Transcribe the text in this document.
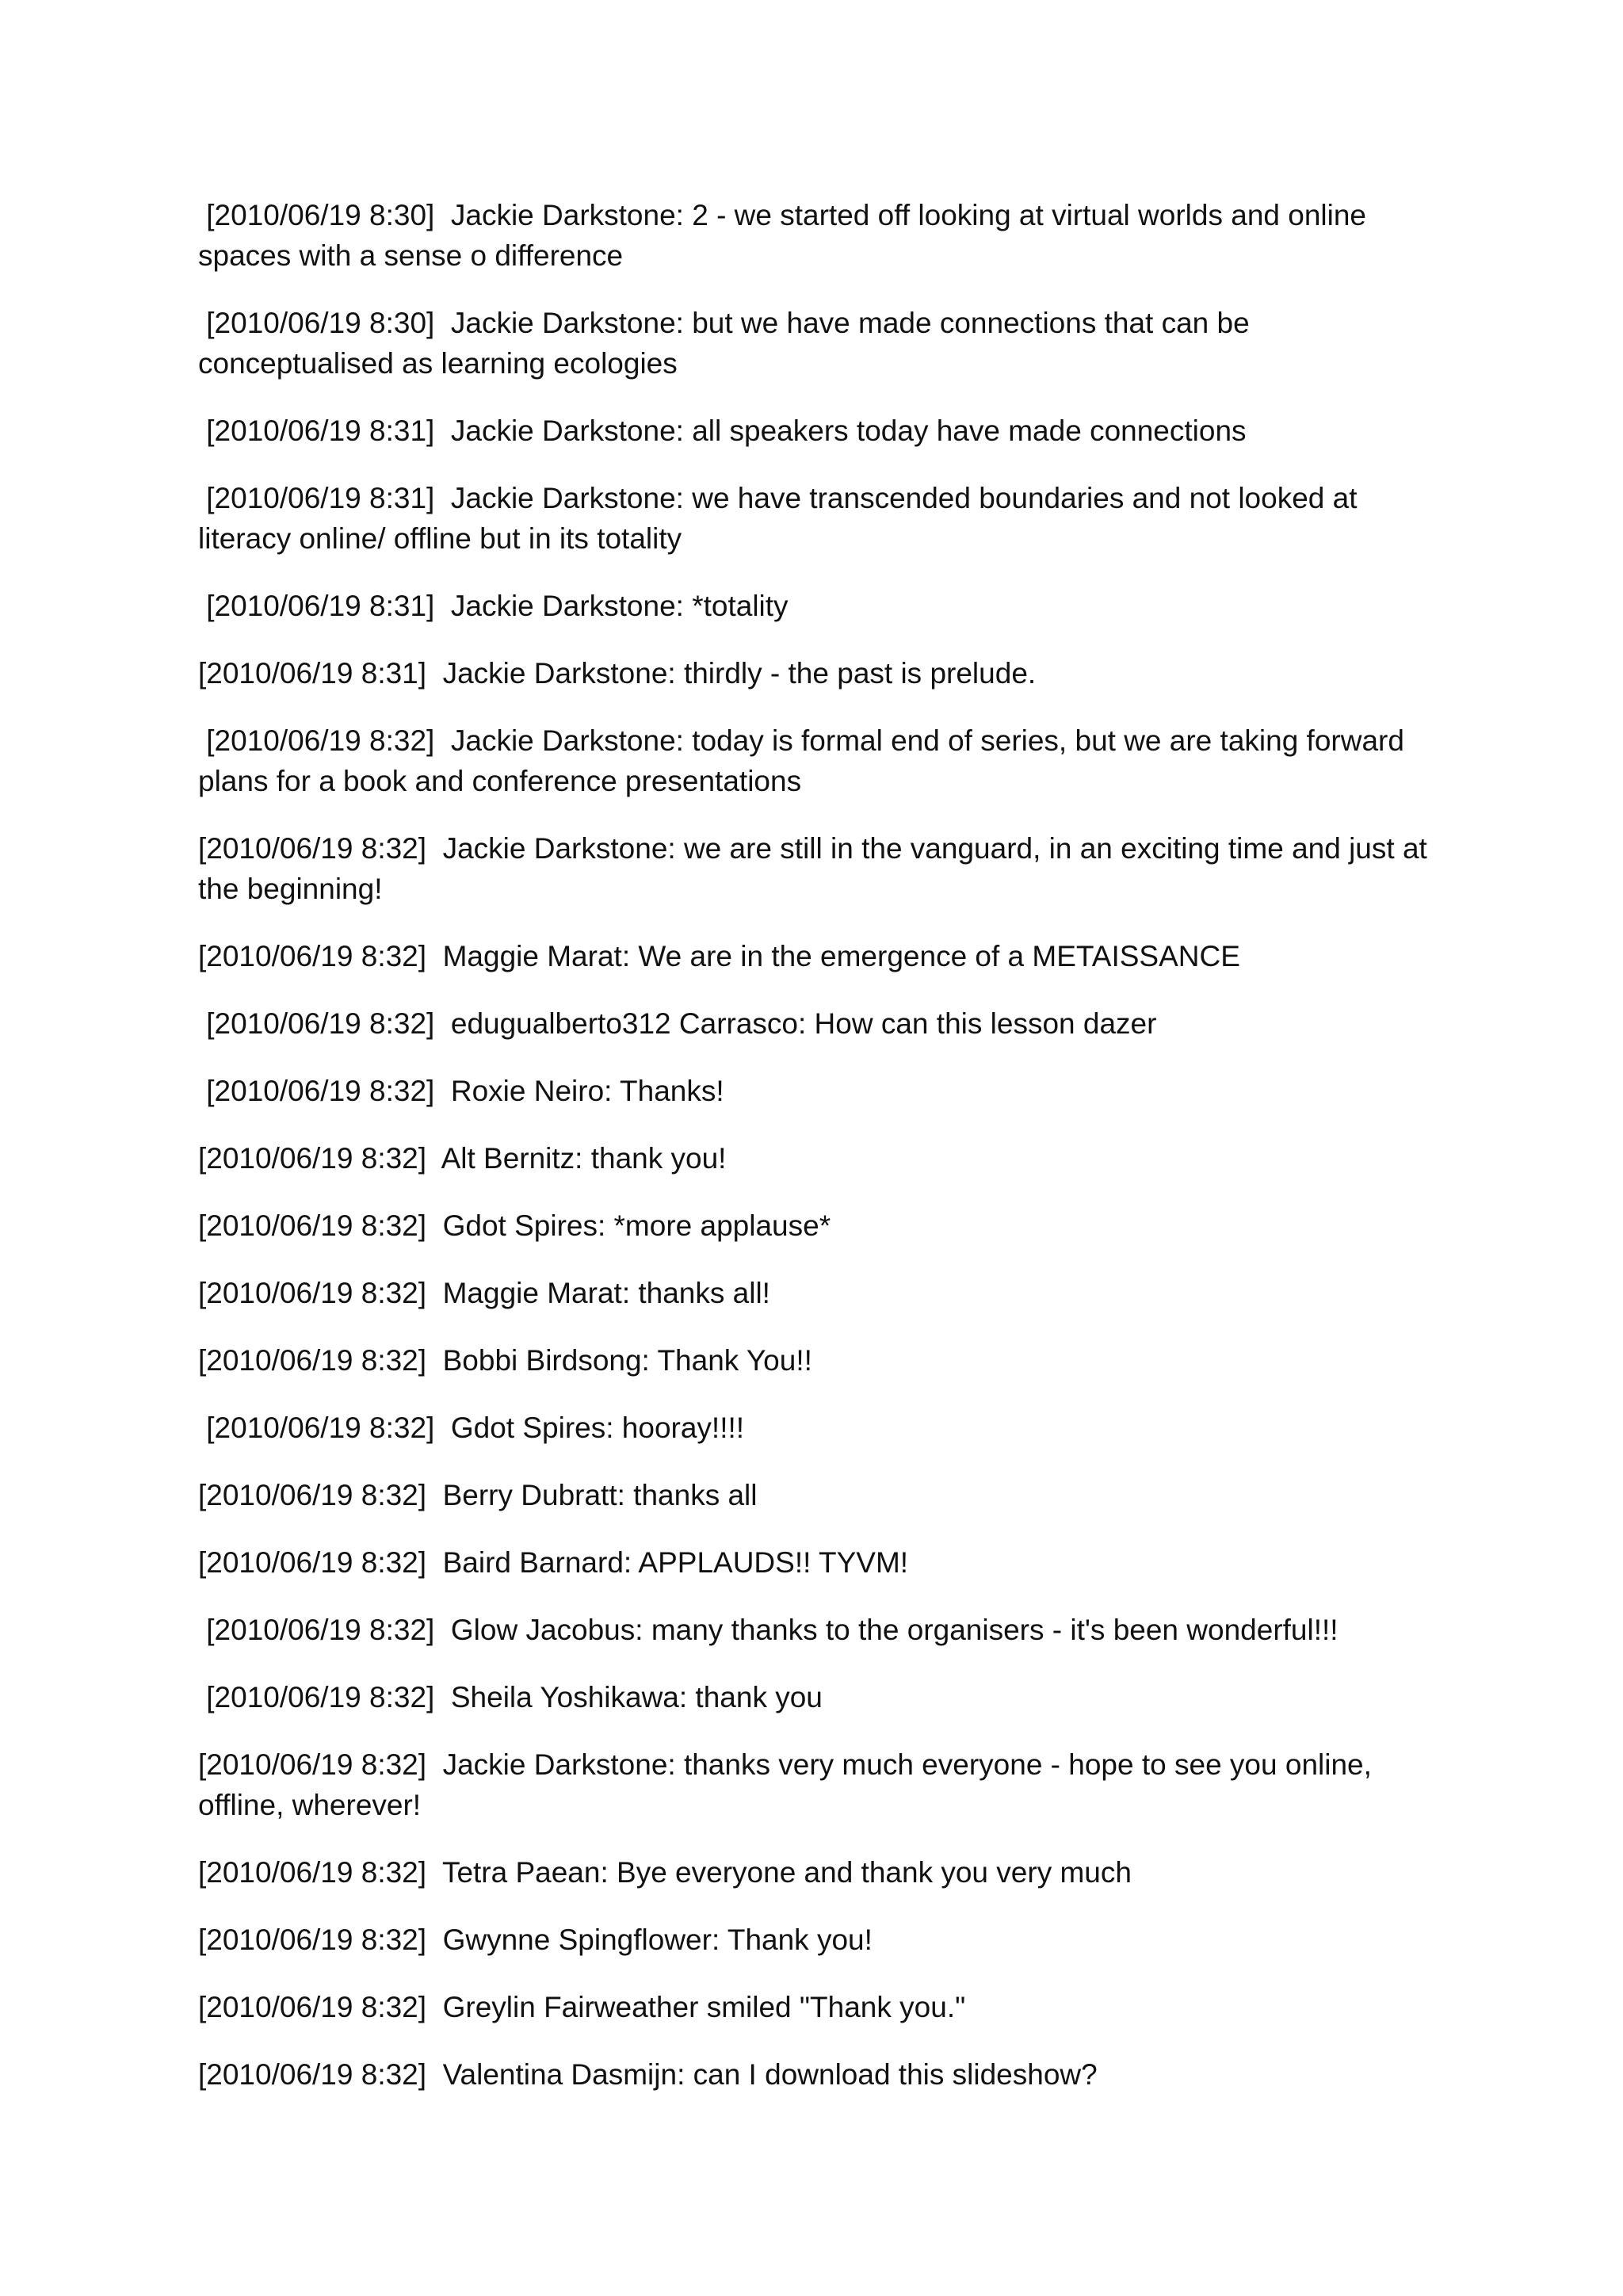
[2010/06/19 8:30]  Jackie Darkstone: 2 - we started off looking at virtual worlds and online spaces with a sense o difference

[2010/06/19 8:30]  Jackie Darkstone: but we have made connections that can be conceptualised as learning ecologies

[2010/06/19 8:31]  Jackie Darkstone: all speakers today have made connections

[2010/06/19 8:31]  Jackie Darkstone: we have transcended boundaries and not looked at literacy online/ offline but in its totality

[2010/06/19 8:31]  Jackie Darkstone: *totality

[2010/06/19 8:31]  Jackie Darkstone: thirdly - the past is prelude.

[2010/06/19 8:32]  Jackie Darkstone: today is formal end of series, but we are taking forward plans for a book and conference presentations

[2010/06/19 8:32]  Jackie Darkstone: we are still in the vanguard, in an exciting time and just at the beginning!

[2010/06/19 8:32]  Maggie Marat: We are in the emergence of a METAISSANCE

[2010/06/19 8:32]  edugualberto312 Carrasco: How can this lesson dazer

[2010/06/19 8:32]  Roxie Neiro: Thanks!

[2010/06/19 8:32]  Alt Bernitz: thank you!

[2010/06/19 8:32]  Gdot Spires: *more applause*

[2010/06/19 8:32]  Maggie Marat: thanks all!

[2010/06/19 8:32]  Bobbi Birdsong: Thank You!!

[2010/06/19 8:32]  Gdot Spires: hooray!!!!

[2010/06/19 8:32]  Berry Dubratt: thanks all

[2010/06/19 8:32]  Baird Barnard: APPLAUDS!! TYVM!

[2010/06/19 8:32]  Glow Jacobus: many thanks to the organisers - it's been wonderful!!!

[2010/06/19 8:32]  Sheila Yoshikawa: thank you

[2010/06/19 8:32]  Jackie Darkstone: thanks very much everyone - hope to see you online, offline, wherever!

[2010/06/19 8:32]  Tetra Paean: Bye everyone and thank you very much

[2010/06/19 8:32]  Gwynne Spingflower: Thank you!

[2010/06/19 8:32]  Greylin Fairweather smiled "Thank you."

[2010/06/19 8:32]  Valentina Dasmijn: can I download this slideshow?
